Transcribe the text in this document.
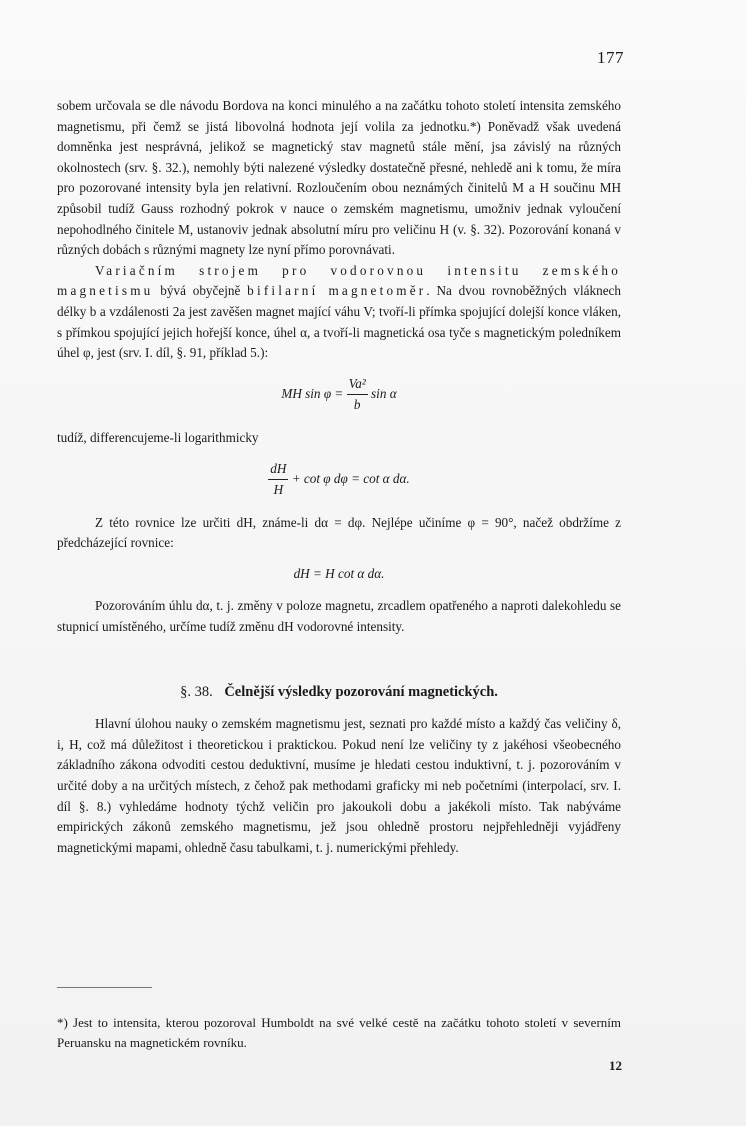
177

sobem určovala se dle návodu Bordova na konci minulého a na začátku tohoto století intensita zemského magnetismu, při čemž se jistá libovolná hodnota její volila za jednotku.*) Poněvadž však uvedená domněnka jest nesprávná, jelikož se magnetický stav magnetů stále mění, jsa závislý na různých okolnostech (srv. §. 32.), nemohly býti nalezené výsledky dostatečně přesné, nehledě ani k tomu, že míra pro pozorované intensity byla jen relativní. Rozloučením obou neznámých činitelů M a H součinu MH způsobil tudíž Gauss rozhodný pokrok v nauce o zemském magnetismu, umožniv jednak vyloučení nepohodlného činitele M, ustanoviv jednak absolutní míru pro veličinu H (v. §. 32). Pozorování konaná v různých dobách s různými magnety lze nyní přímo porovnávati.

Variačním strojem pro vodorovnou intensitu zemského magnetismu bývá obyčejně bifilarní magnetoměr. Na dvou rovnoběžných vláknech délky b a vzdálenosti 2a jest zavěšen magnet mající váhu V; tvoří-li přímka spojující dolejší konce vláken, s přímkou spojující jejich hořejší konce, úhel α, a tvoří-li magnetická osa tyče s magnetickým poledníkem úhel φ, jest (srv. I. díl, §. 91, příklad 5.):

MH $\sin \varphi = \frac{\text{Va²}}{b}$ sin α

tudíž, differencujeme-li logarithmicky

$\frac{dH}{H} + \cot \varphi$ dφ = cot α dα.

Z této rovnice lze určiti dH, známe-li dα = dφ. Nejlépe učiníme φ = 90°, načež obdržíme z předcházející rovnice:

dH = H cot α dα.

Pozorováním úhlu dα, t. j. změny v poloze magnetu, zrcadlem opatřeného a naproti dalekohledu se stupnicí umístěného, určíme tudíž změnu dH vodorovné intensity.

§. 38. Čelnější výsledky pozorování magnetických.

Hlavní úlohou nauky o zemském magnetismu jest, seznati pro každé místo a každý čas veličiny δ, i, H, což má důležitost i theoretickou i praktickou. Pokud není lze veličiny ty z jakéhosi všeobecného základního zákona odvoditi cestou deduktivní, musíme je hledati cestou induktivní, t. j. pozorováním v určité doby a na určitých místech, z čehož pak methodami graficky mi neb početními (interpolací, srv. I. díl §. 8.) vyhledáme hodnoty týchž veličin pro jakoukoli dobu a jakékoli místo. Tak nabýváme empirických zákonů zemského magnetismu, jež jsou ohledně prostoru nejpřehledněji vyjádřeny magnetickými mapami, ohledně času tabulkami, t. j. numerickými přehledy.

*) Jest to intensita, kterou pozoroval Humboldt na své velké cestě na začátku tohoto století v severním Peruansku na magnetickém rovníku.

12
